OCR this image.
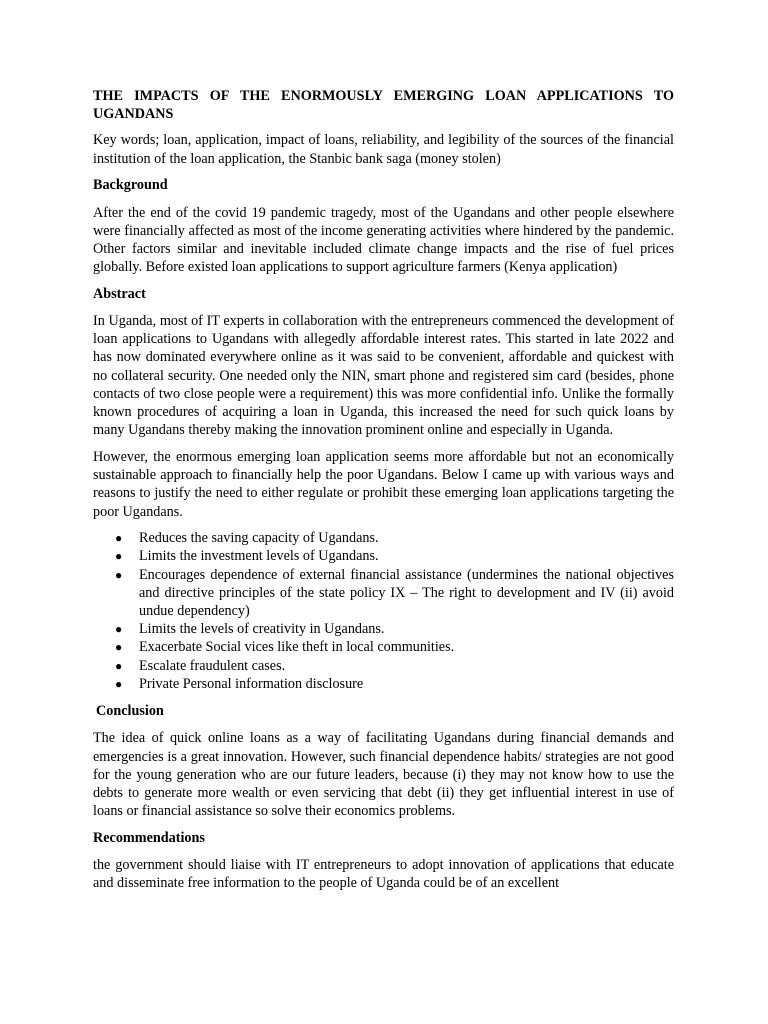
THE IMPACTS OF THE ENORMOUSLY EMERGING LOAN APPLICATIONS TO UGANDANS

Key words; loan, application, impact of loans, reliability, and legibility of the sources of the financial institution of the loan application, the Stanbic bank saga (money stolen)

Background

After the end of the covid 19 pandemic tragedy, most of the Ugandans and other people elsewhere were financially affected as most of the income generating activities where hindered by the pandemic. Other factors similar and inevitable included climate change impacts and the rise of fuel prices globally. Before existed loan applications to support agriculture farmers (Kenya application)

Abstract

In Uganda, most of IT experts in collaboration with the entrepreneurs commenced the development of loan applications to Ugandans with allegedly affordable interest rates. This started in late 2022 and has now dominated everywhere online as it was said to be convenient, affordable and quickest with no collateral security. One needed only the NIN, smart phone and registered sim card (besides, phone contacts of two close people were a requirement) this was more confidential info. Unlike the formally known procedures of acquiring a loan in Uganda, this increased the need for such quick loans by many Ugandans thereby making the innovation prominent online and especially in Uganda.

However, the enormous emerging loan application seems more affordable but not an economically sustainable approach to financially help the poor Ugandans. Below I came up with various ways and reasons to justify the need to either regulate or prohibit these emerging loan applications targeting the poor Ugandans.

● Reduces the saving capacity of Ugandans.
● Limits the investment levels of Ugandans.
● Encourages dependence of external financial assistance (undermines the national objectives and directive principles of the state policy IX – The right to development and IV (ii) avoid undue dependency)
● Limits the levels of creativity in Ugandans.
● Exacerbate Social vices like theft in local communities.
● Escalate fraudulent cases.
● Private Personal information disclosure
Conclusion

The idea of quick online loans as a way of facilitating Ugandans during financial demands and emergencies is a great innovation. However, such financial dependence habits/ strategies are not good for the young generation who are our future leaders, because (i) they may not know how to use the debts to generate more wealth or even servicing that debt (ii) they get influential interest in use of loans or financial assistance so solve their economics problems.

Recommendations

the government should liaise with IT entrepreneurs to adopt innovation of applications that educate and disseminate free information to the people of Uganda could be of an excellent
